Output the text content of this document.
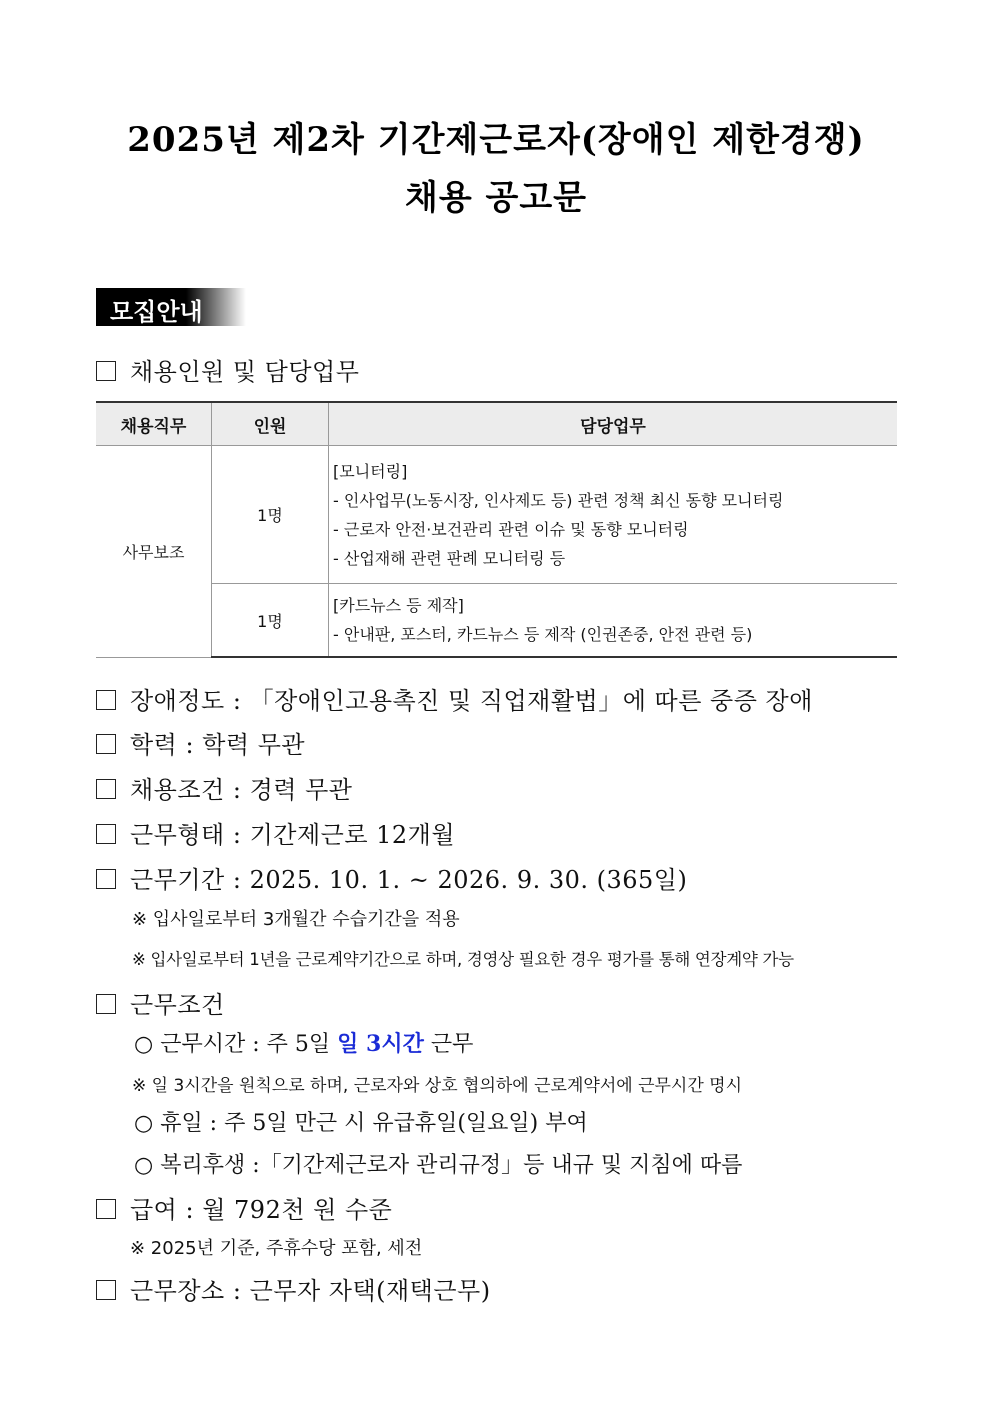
2025년 제2차 기간제근로자(장애인 제한경쟁)
채용 공고문
모집안내
채용인원 및 담당업무
채용직무	인원	담당업무
사무보조	1명	[모니터링]
- 인사업무(노동시장, 인사제도 등) 관련 정책 최신 동향 모니터링
- 근로자 안전·보건관리 관련 이슈 및 동향 모니터링
- 산업재해 관련 판례 모니터링 등

	1명	[카드뉴스 등 제작]
- 안내판, 포스터, 카드뉴스 등 제작 (인권존중, 안전 관련 등)
장애정도 : 「장애인고용촉진 및 직업재활법」에 따른 중증 장애
학력 : 학력 무관
채용조건 : 경력 무관
근무형태 : 기간제근로 12개월
근무기간 : 2025. 10. 1. ~ 2026. 9. 30. (365일)
※ 입사일로부터 3개월간 수습기간을 적용
※ 입사일로부터 1년을 근로계약기간으로 하며, 경영상 필요한 경우 평가를 통해 연장계약 가능
근무조건
○ 근무시간 : 주 5일 일 3시간 근무
※ 일 3시간을 원칙으로 하며, 근로자와 상호 협의하에 근로계약서에 근무시간 명시
○ 휴일 : 주 5일 만근 시 유급휴일(일요일) 부여
○ 복리후생 :「기간제근로자 관리규정」등 내규 및 지침에 따름
급여 : 월 792천 원 수준
※ 2025년 기준, 주휴수당 포함, 세전
근무장소 : 근무자 자택(재택근무)
